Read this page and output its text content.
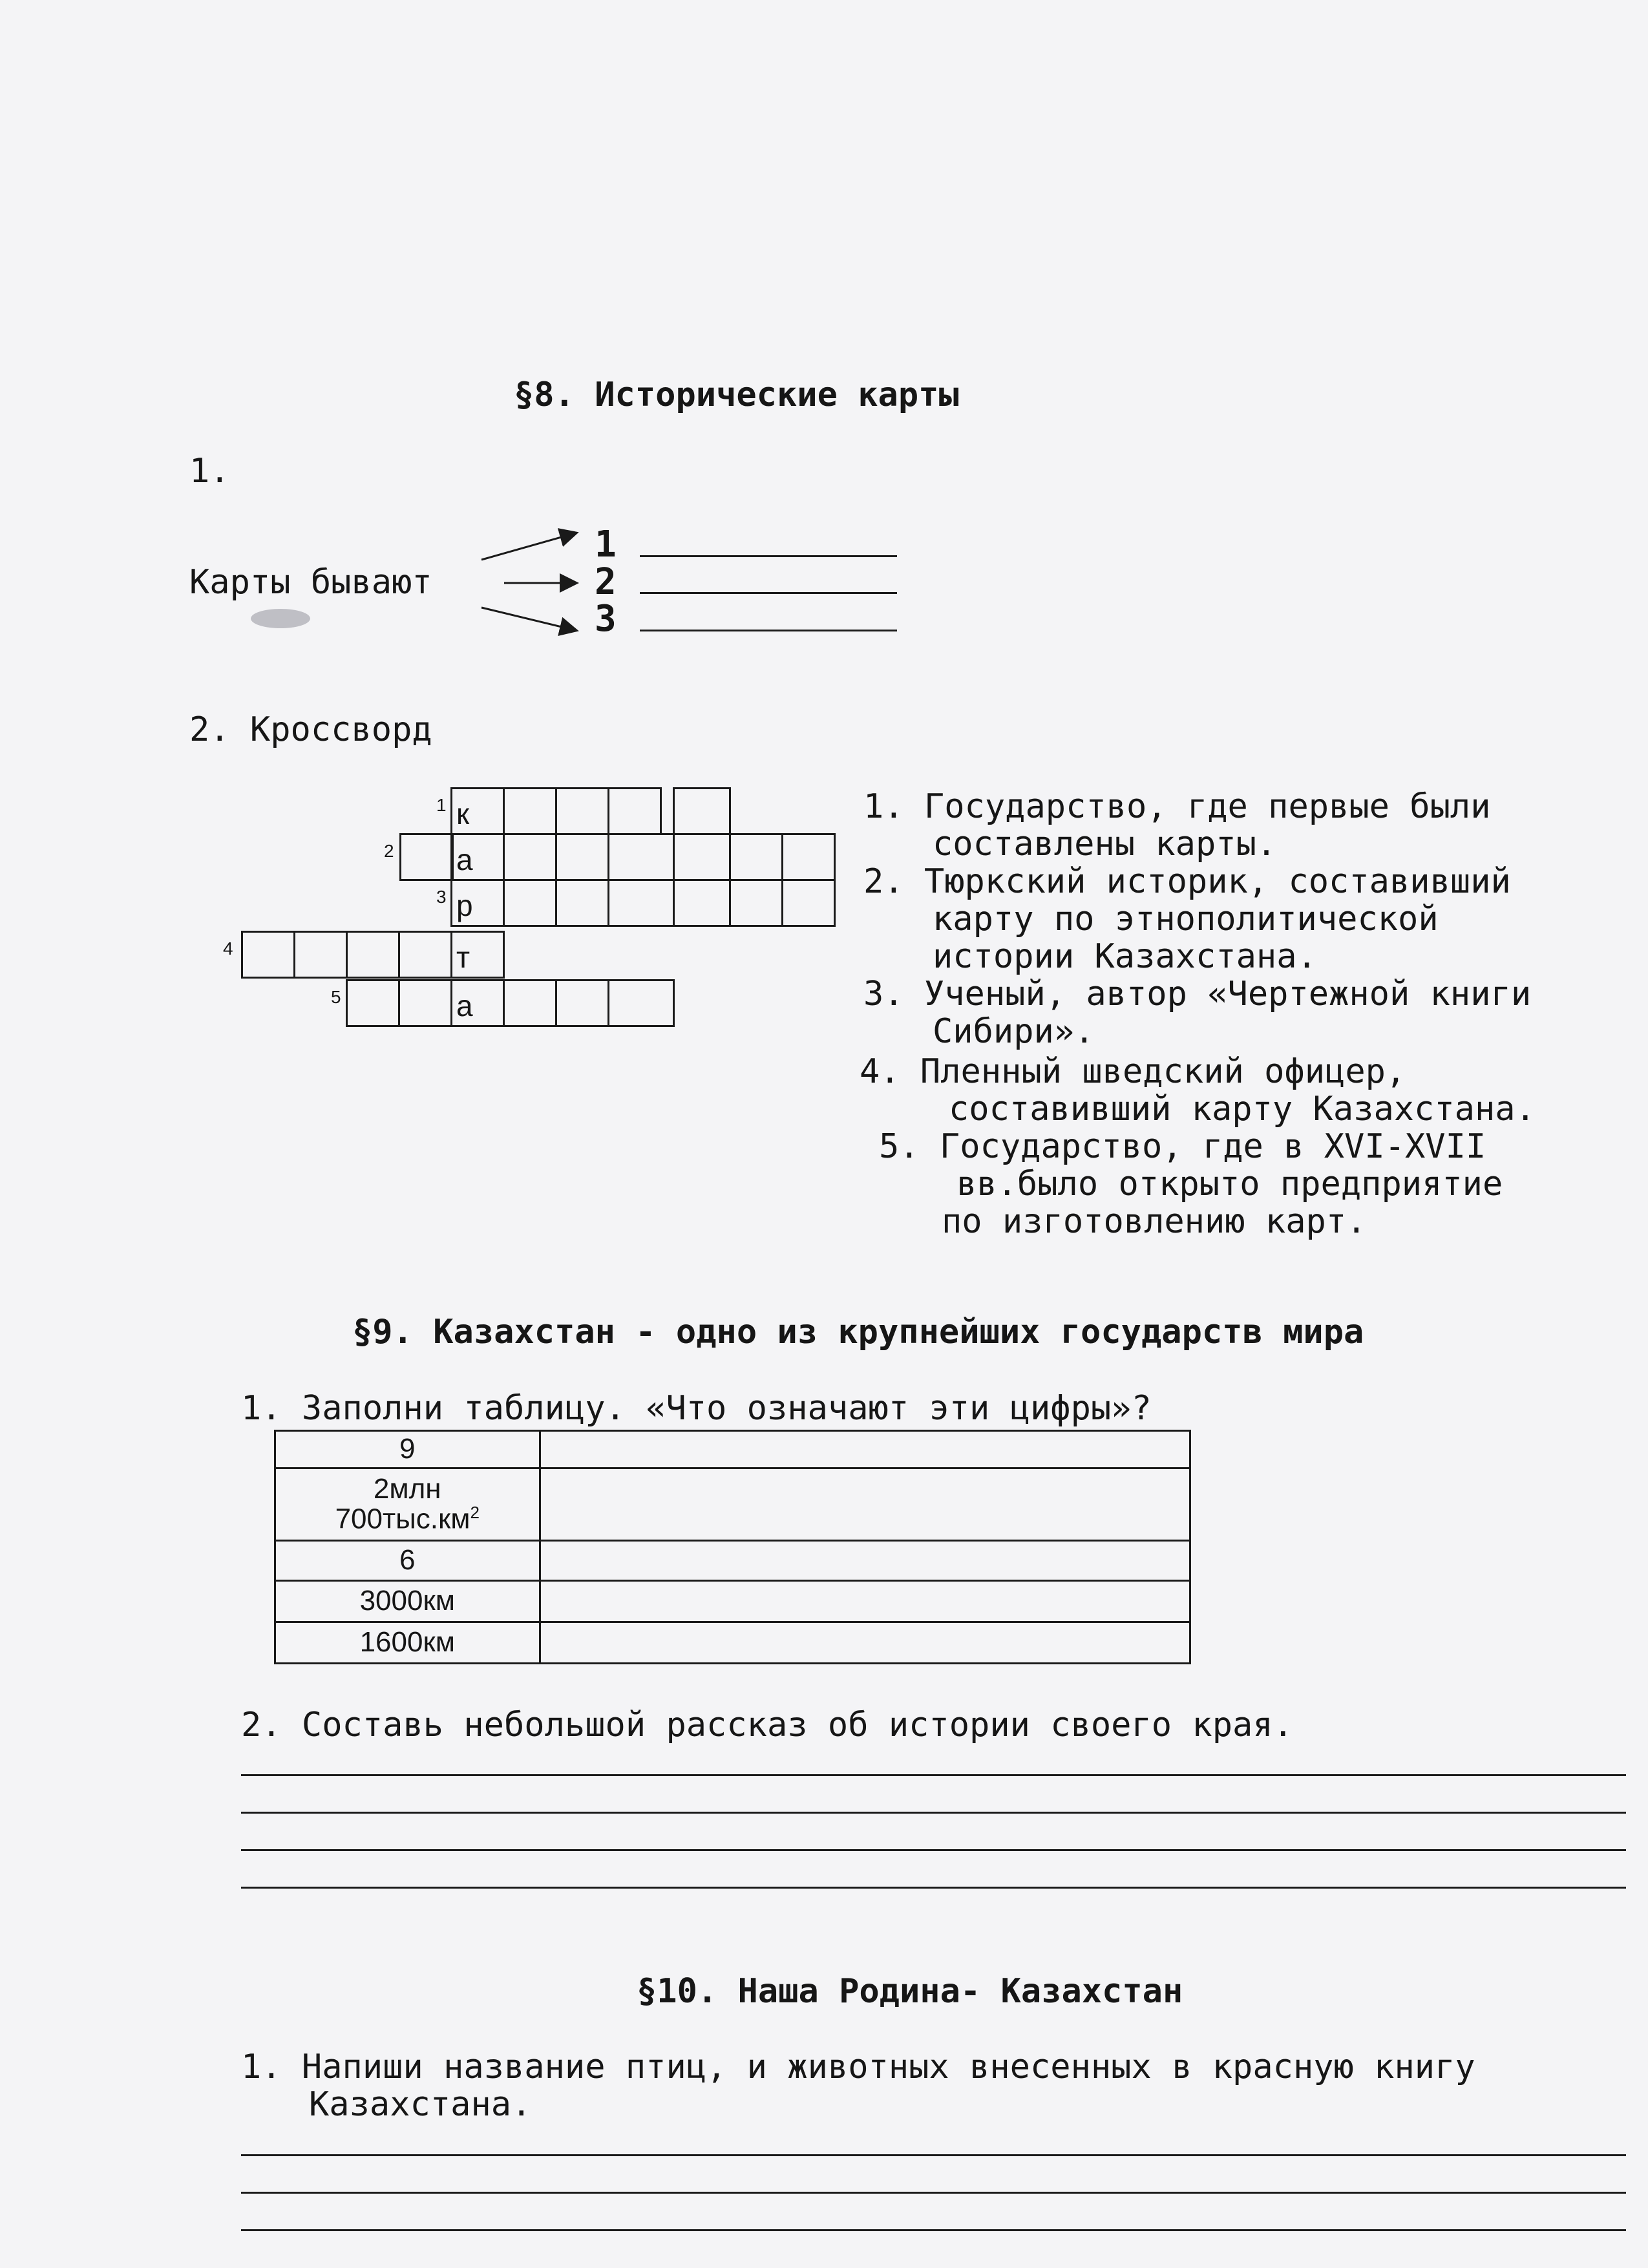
§8. Исторические карты
1.
Карты бывают
1
2
3
2. Кроссворд
1
2
3
4
5
к
а
р
т
а
1. Государство, где первые были
составлены карты.
2. Тюркский историк, составивший
карту по этнополитической
истории Казахстана.
3. Ученый, автор «Чертежной книги
Сибири».
4. Пленный шведский офицер,
составивший карту Казахстана.
5. Государство, где в XVI-XVII
вв.было открыто предприятие
по изготовлению карт.
§9. Казахстан - одно из крупнейших государств мира
1. Заполни таблицу. «Что означают эти цифры»?
9	

2млн
$700тыс.км^2$

6	
3000км	
1600км	
2. Составь небольшой рассказ об истории своего края.
§10. Наша Родина- Казахстан
1. Напиши название птиц, и животных внесенных в красную книгу
Казахстана.
